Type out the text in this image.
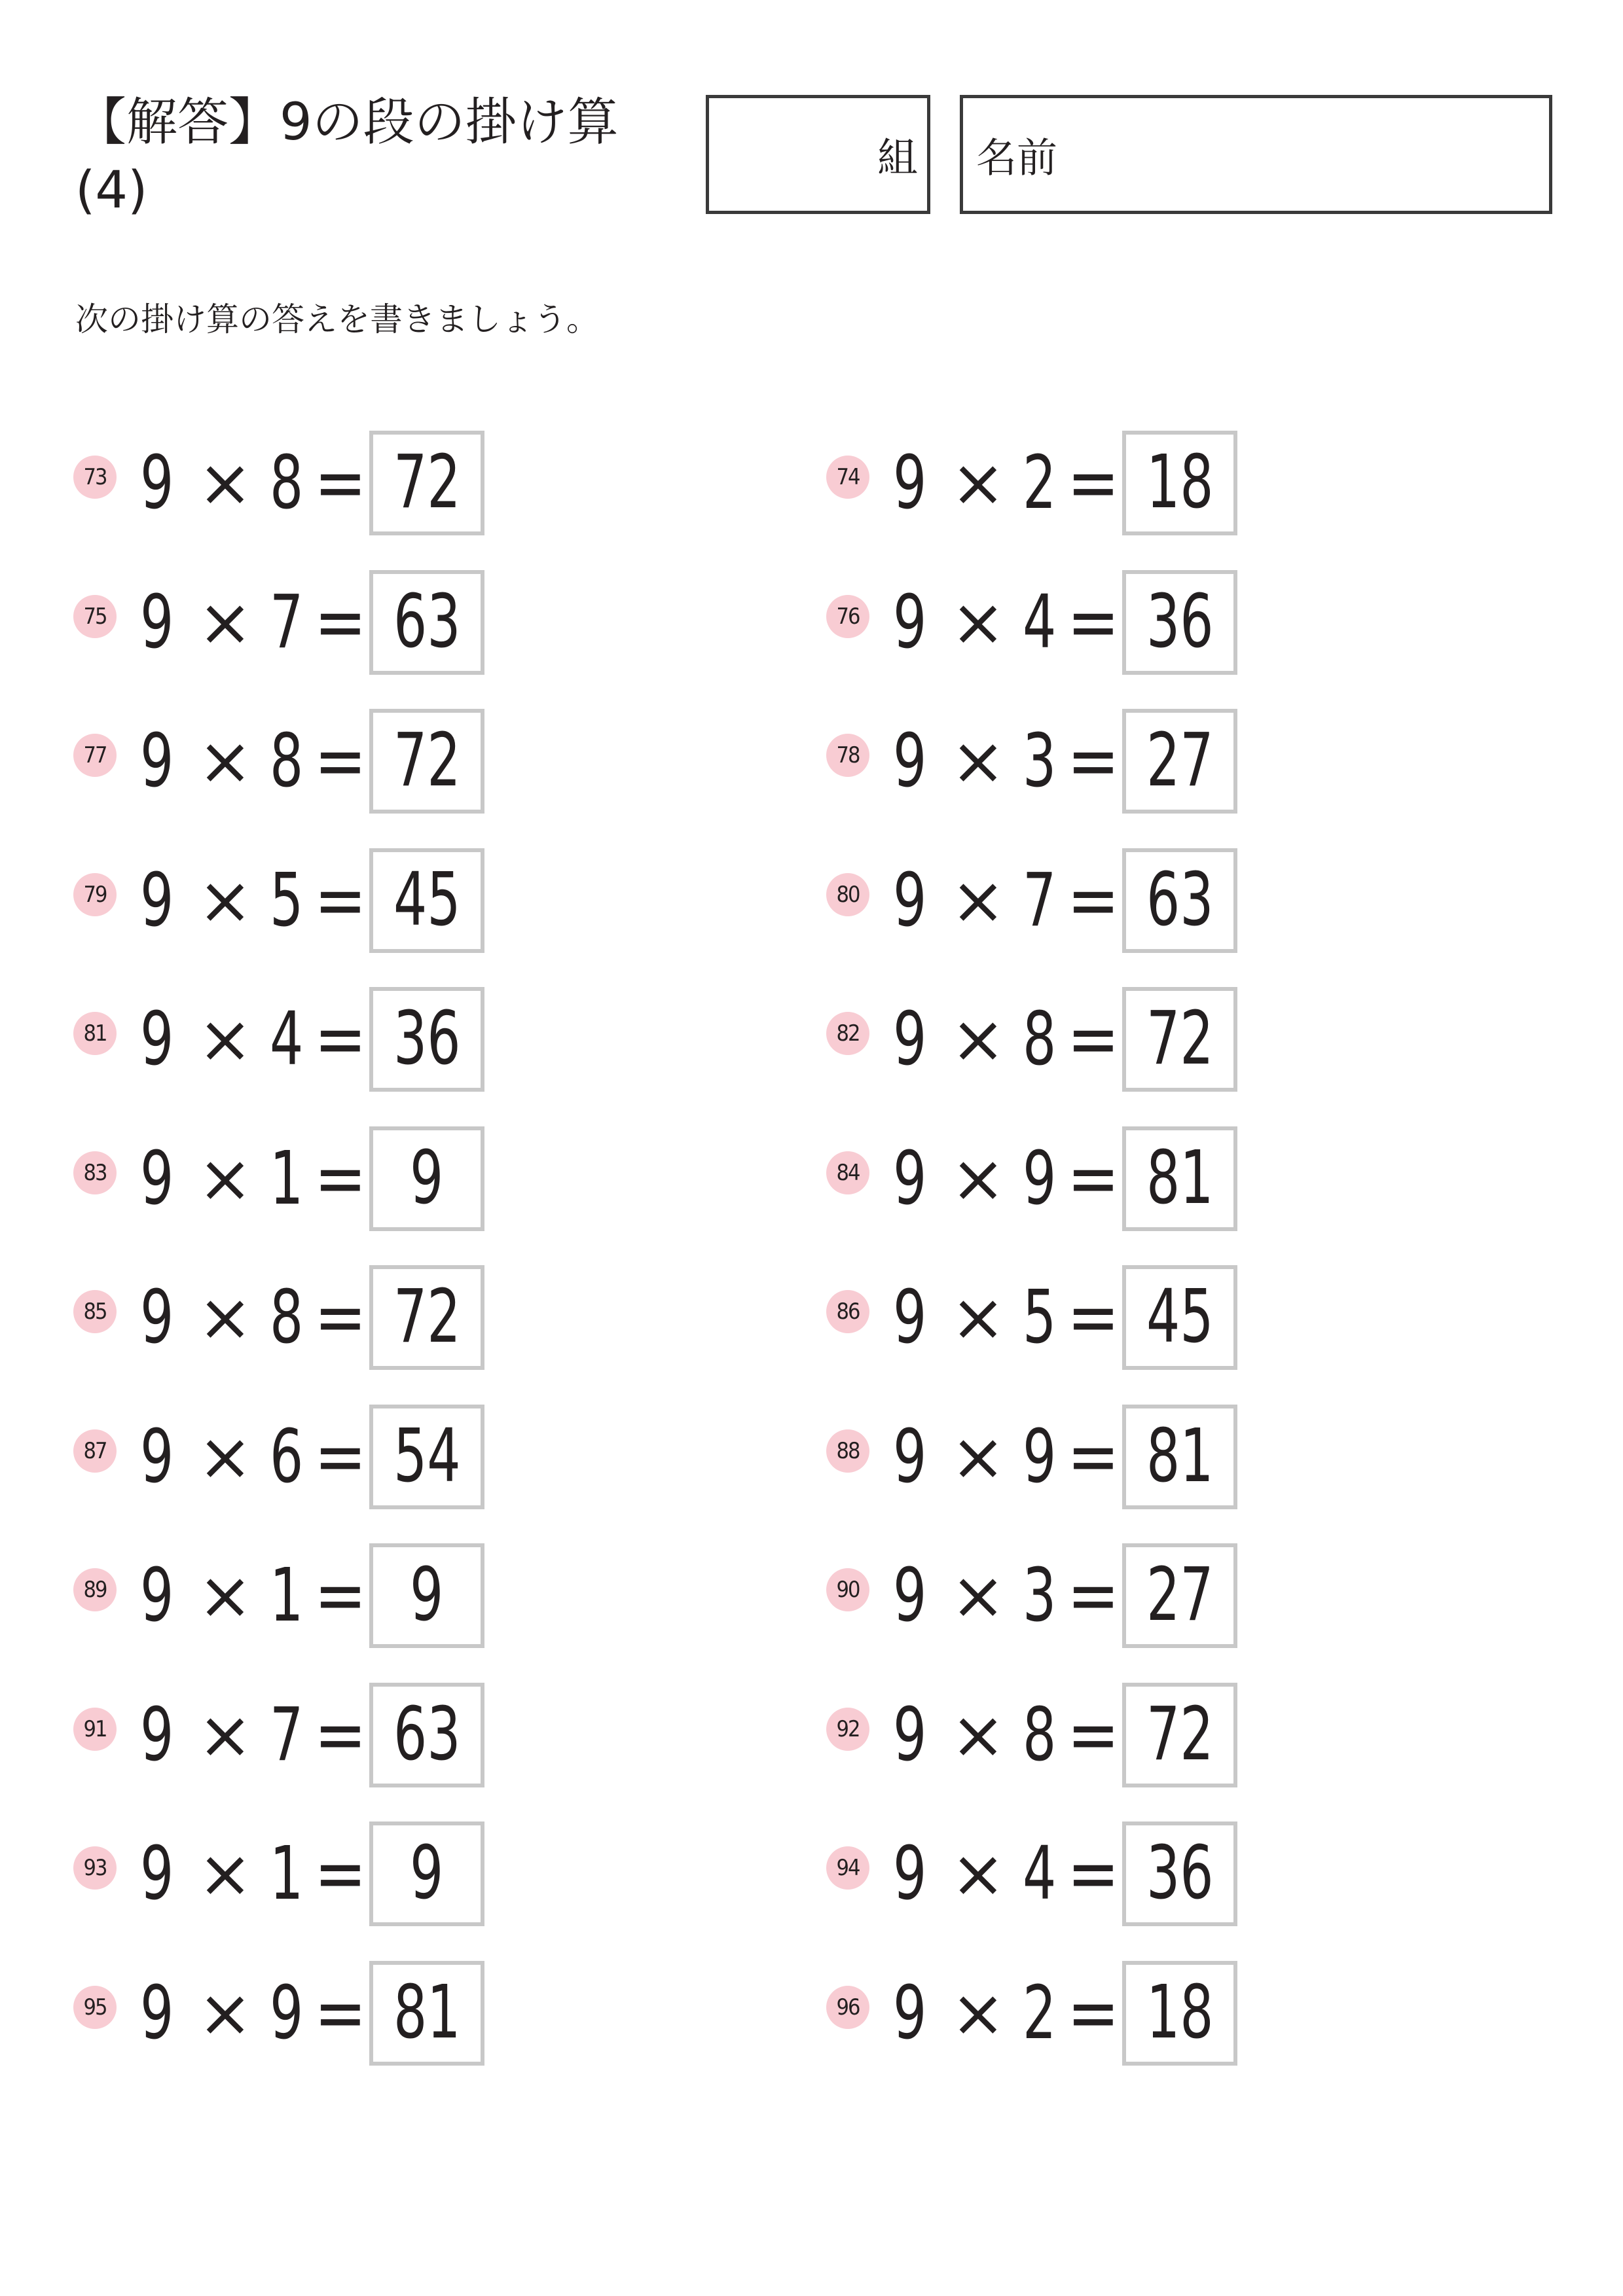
【解答】9の段の掛け算
(4)
組 名前

次の掛け算の答えを書きましょう。

73 9 × 8 = 72	74 9 × 2 = 18
75 9 × 7 = 63	76 9 × 4 = 36
77 9 × 8 = 72	78 9 × 3 = 27
79 9 × 5 = 45	80 9 × 7 = 63
81 9 × 4 = 36	82 9 × 8 = 72
83 9 × 1 = 9	84 9 × 9 = 81
85 9 × 8 = 72	86 9 × 5 = 45
87 9 × 6 = 54	88 9 × 9 = 81
89 9 × 1 = 9	90 9 × 3 = 27
91 9 × 7 = 63	92 9 × 8 = 72
93 9 × 1 = 9	94 9 × 4 = 36
95 9 × 9 = 81	96 9 × 2 = 18
